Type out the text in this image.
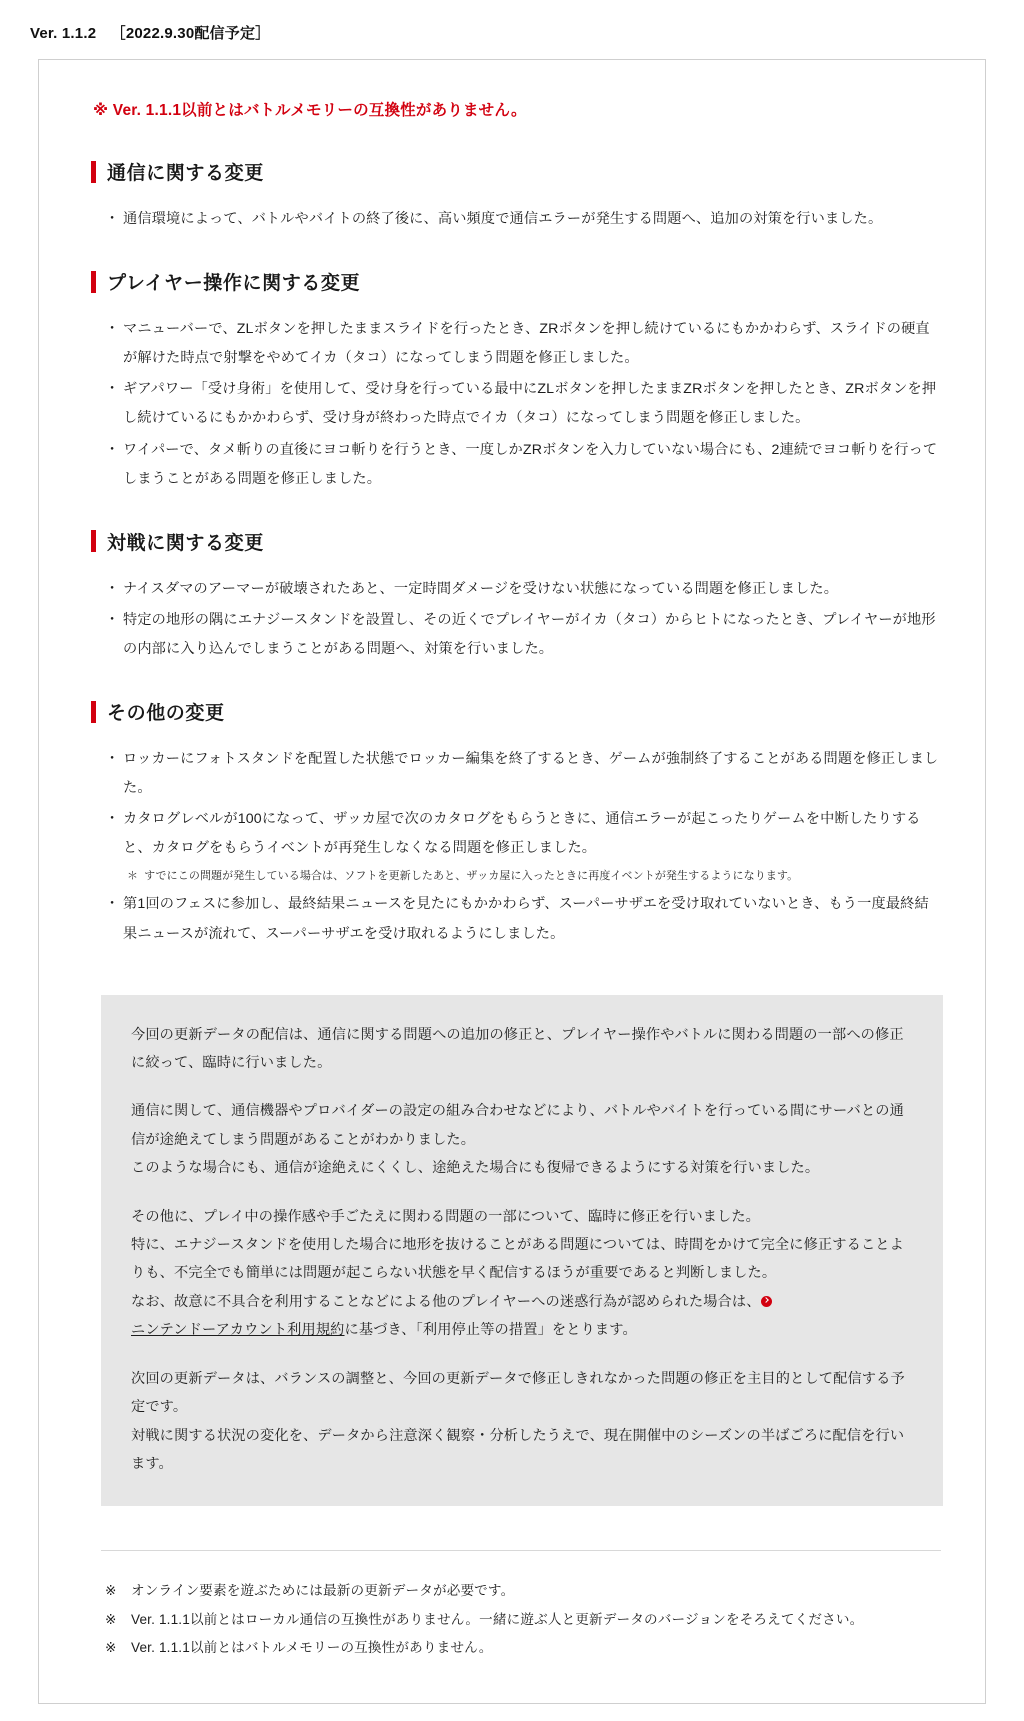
Ver. 1.1.2 ［2022.9.30配信予定］
※ Ver. 1.1.1以前とはバトルメモリーの互換性がありません。
通信に関する変更
・ 通信環境によって、バトルやバイトの終了後に、高い頻度で通信エラーが発生する問題へ、追加の対策を行いました。
プレイヤー操作に関する変更
・ マニューバーで、ZLボタンを押したままスライドを行ったとき、ZRボタンを押し続けているにもかかわらず、スライドの硬直が解けた時点で射撃をやめてイカ（タコ）になってしまう問題を修正しました。
・ ギアパワー「受け身術」を使用して、受け身を行っている最中にZLボタンを押したままZRボタンを押したとき、ZRボタンを押し続けているにもかかわらず、受け身が終わった時点でイカ（タコ）になってしまう問題を修正しました。
・ ワイパーで、タメ斬りの直後にヨコ斬りを行うとき、一度しかZRボタンを入力していない場合にも、2連続でヨコ斬りを行ってしまうことがある問題を修正しました。
対戦に関する変更
・ ナイスダマのアーマーが破壊されたあと、一定時間ダメージを受けない状態になっている問題を修正しました。
・ 特定の地形の隅にエナジースタンドを設置し、その近くでプレイヤーがイカ（タコ）からヒトになったとき、プレイヤーが地形の内部に入り込んでしまうことがある問題へ、対策を行いました。
その他の変更
・ ロッカーにフォトスタンドを配置した状態でロッカー編集を終了するとき、ゲームが強制終了することがある問題を修正しました。
・ カタログレベルが100になって、ザッカ屋で次のカタログをもらうときに、通信エラーが起こったりゲームを中断したりすると、カタログをもらうイベントが再発生しなくなる問題を修正しました。
＊ すでにこの問題が発生している場合は、ソフトを更新したあと、ザッカ屋に入ったときに再度イベントが発生するようになります。
・ 第1回のフェスに参加し、最終結果ニュースを見たにもかかわらず、スーパーサザエを受け取れていないとき、もう一度最終結果ニュースが流れて、スーパーサザエを受け取れるようにしました。

今回の更新データの配信は、通信に関する問題への追加の修正と、プレイヤー操作やバトルに関わる問題の一部への修正に絞って、臨時に行いました。

通信に関して、通信機器やプロバイダーの設定の組み合わせなどにより、バトルやバイトを行っている間にサーバとの通信が途絶えてしまう問題があることがわかりました。

このような場合にも、通信が途絶えにくくし、途絶えた場合にも復帰できるようにする対策を行いました。

その他に、プレイ中の操作感や手ごたえに関わる問題の一部について、臨時に修正を行いました。

特に、エナジースタンドを使用した場合に地形を抜けることがある問題については、時間をかけて完全に修正することよりも、不完全でも簡単には問題が起こらない状態を早く配信するほうが重要であると判断しました。

なお、故意に不具合を利用することなどによる他のプレイヤーへの迷惑行為が認められた場合は、ニンテンドーアカウント利用規約に基づき、「利用停止等の措置」をとります。

次回の更新データは、バランスの調整と、今回の更新データで修正しきれなかった問題の修正を主目的として配信する予定です。

対戦に関する状況の変化を、データから注意深く観察・分析したうえで、現在開催中のシーズンの半ばごろに配信を行います。

※ オンライン要素を遊ぶためには最新の更新データが必要です。
※ Ver. 1.1.1以前とはローカル通信の互換性がありません。一緒に遊ぶ人と更新データのバージョンをそろえてください。
※ Ver. 1.1.1以前とはバトルメモリーの互換性がありません。
